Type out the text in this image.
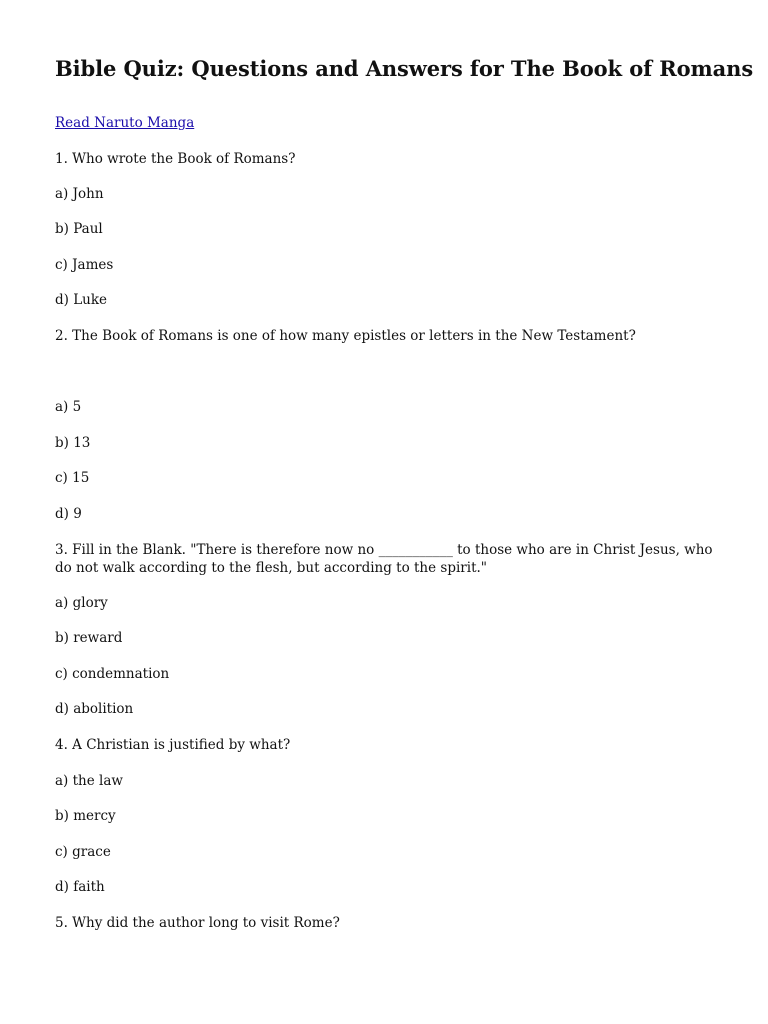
Bible Quiz: Questions and Answers for The Book of Romans
Read Naruto Manga

1. Who wrote the Book of Romans?

a) John

b) Paul

c) James

d) Luke

2. The Book of Romans is one of how many epistles or letters in the New Testament?

a) 5

b) 13

c) 15

d) 9

3. Fill in the Blank. "There is therefore now no ___________ to those who are in Christ Jesus, who do not walk according to the flesh, but according to the spirit."

a) glory

b) reward

c) condemnation

d) abolition

4. A Christian is justified by what?

a) the law

b) mercy

c) grace

d) faith

5. Why did the author long to visit Rome?
